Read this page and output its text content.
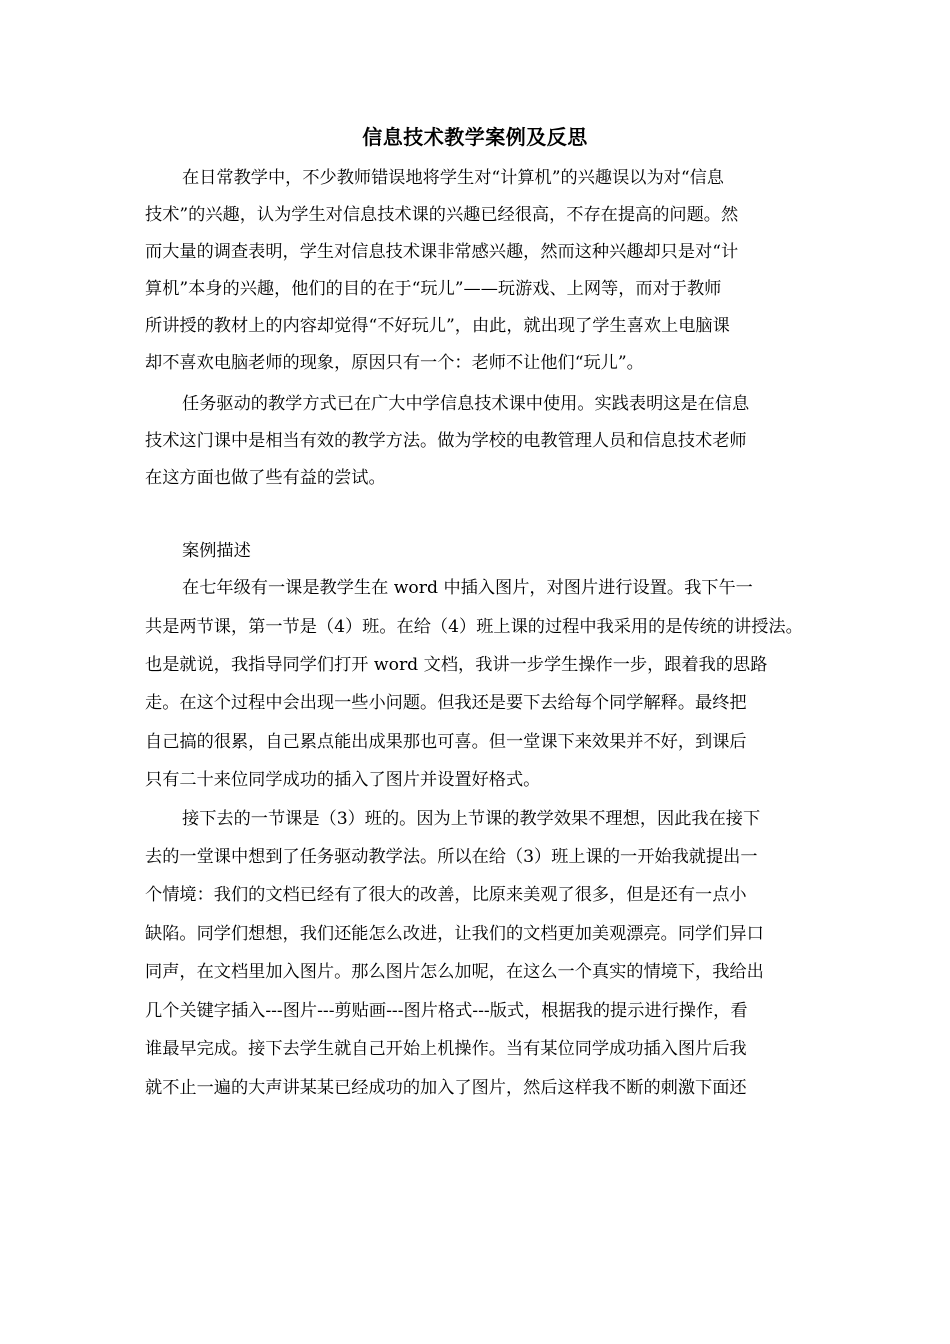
信息技术教学案例及反思
在日常教学中，不少教师错误地将学生对“计算机”的兴趣误以为对“信息
技术”的兴趣，认为学生对信息技术课的兴趣已经很高，不存在提高的问题。然
而大量的调查表明，学生对信息技术课非常感兴趣，然而这种兴趣却只是对“计
算机”本身的兴趣，他们的目的在于“玩儿”——玩游戏、上网等，而对于教师
所讲授的教材上的内容却觉得“不好玩儿”，由此，就出现了学生喜欢上电脑课
却不喜欢电脑老师的现象，原因只有一个：老师不让他们“玩儿”。
任务驱动的教学方式已在广大中学信息技术课中使用。实践表明这是在信息
技术这门课中是相当有效的教学方法。做为学校的电教管理人员和信息技术老师
在这方面也做了些有益的尝试。
案例描述
在七年级有一课是教学生在 word 中插入图片，对图片进行设置。我下午一
共是两节课，第一节是（4）班。在给（4）班上课的过程中我采用的是传统的讲授法。
也是就说，我指导同学们打开 word 文档，我讲一步学生操作一步，跟着我的思路
走。在这个过程中会出现一些小问题。但我还是要下去给每个同学解释。最终把
自己搞的很累，自己累点能出成果那也可喜。但一堂课下来效果并不好，到课后
只有二十来位同学成功的插入了图片并设置好格式。
接下去的一节课是（3）班的。因为上节课的教学效果不理想，因此我在接下
去的一堂课中想到了任务驱动教学法。所以在给（3）班上课的一开始我就提出一
个情境：我们的文档已经有了很大的改善，比原来美观了很多，但是还有一点小
缺陷。同学们想想，我们还能怎么改进，让我们的文档更加美观漂亮。同学们异口
同声，在文档里加入图片。那么图片怎么加呢，在这么一个真实的情境下，我给出
几个关键字插入---图片---剪贴画---图片格式---版式，根据我的提示进行操作，看
谁最早完成。接下去学生就自己开始上机操作。当有某位同学成功插入图片后我
就不止一遍的大声讲某某已经成功的加入了图片，然后这样我不断的刺激下面还
